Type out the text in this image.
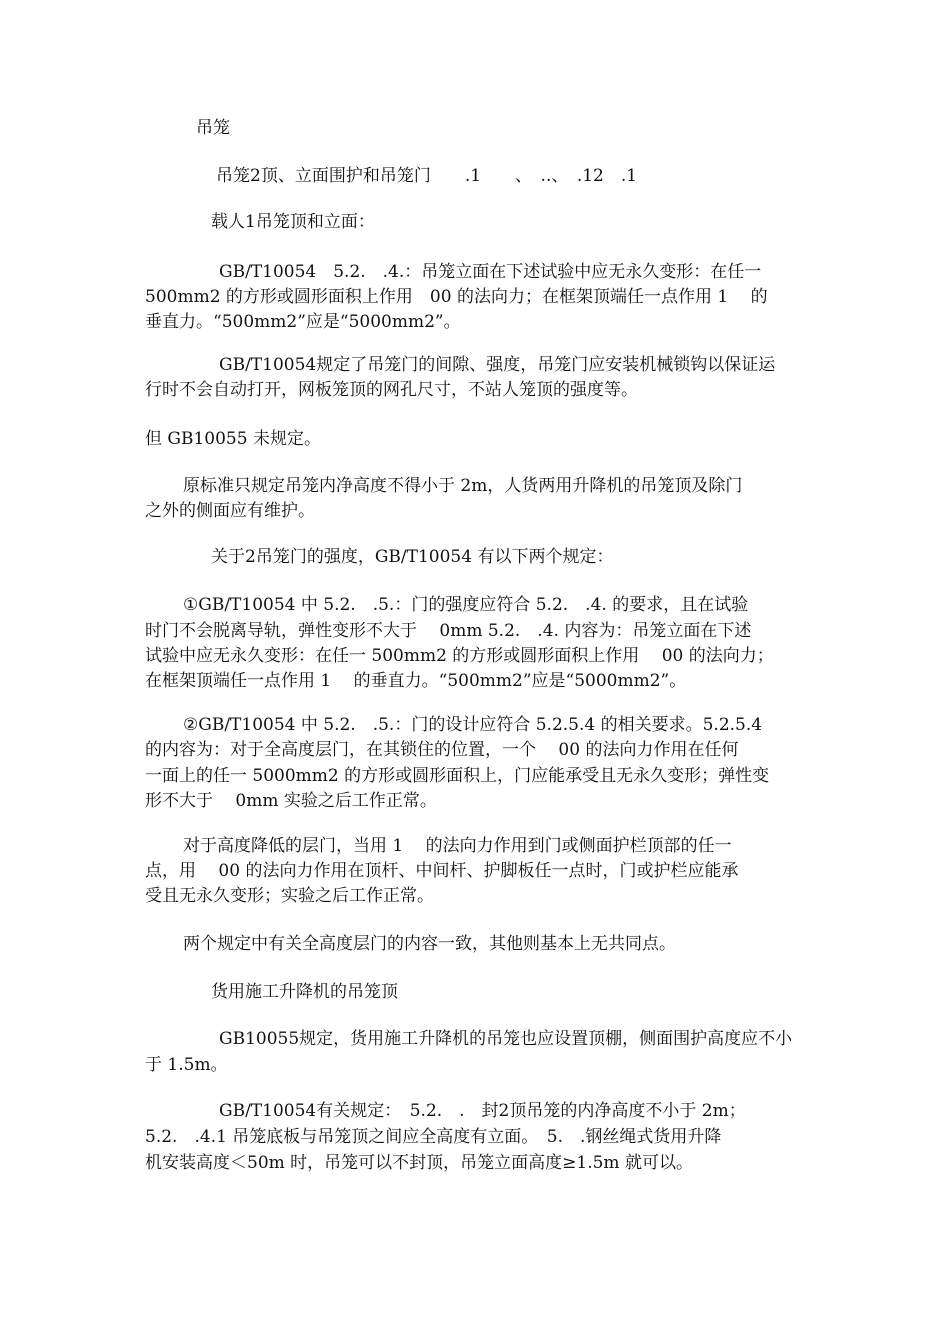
吊笼
吊笼2顶、立面围护和吊笼门　　.1　　、　..、　.12　.1
载人1吊笼顶和立面：
GB/T10054　5.2.　.4.：吊笼立面在下述试验中应无永久变形：在任一
500mm2 的方形或圆形面积上作用　00 的法向力；在框架顶端任一点作用 1　 的
垂直力。“500mm2”应是“5000mm2”。
GB/T10054规定了吊笼门的间隙、强度，吊笼门应安装机械锁钩以保证运
行时不会自动打开，网板笼顶的网孔尺寸，不站人笼顶的强度等。
但 GB10055 未规定。
原标准只规定吊笼内净高度不得小于 2m，人货两用升降机的吊笼顶及除门
之外的侧面应有维护。
关于2吊笼门的强度，GB/T10054 有以下两个规定：
①GB/T10054 中 5.2.　.5.：门的强度应符合 5.2.　.4. 的要求，且在试验
时门不会脱离导轨，弹性变形不大于　 0mm 5.2.　.4. 内容为：吊笼立面在下述
试验中应无永久变形：在任一 500mm2 的方形或圆形面积上作用　 00 的法向力；
在框架顶端任一点作用 1　 的垂直力。“500mm2”应是“5000mm2”。
②GB/T10054 中 5.2.　.5.：门的设计应符合 5.2.5.4 的相关要求。5.2.5.4
的内容为：对于全高度层门，在其锁住的位置，一个　 00 的法向力作用在任何
一面上的任一 5000mm2 的方形或圆形面积上，门应能承受且无永久变形；弹性变
形不大于　 0mm 实验之后工作正常。
对于高度降低的层门，当用 1　 的法向力作用到门或侧面护栏顶部的任一
点，用　 00 的法向力作用在顶杆、中间杆、护脚板任一点时，门或护栏应能承
受且无永久变形；实验之后工作正常。
两个规定中有关全高度层门的内容一致，其他则基本上无共同点。
货用施工升降机的吊笼顶
GB10055规定，货用施工升降机的吊笼也应设置顶棚，侧面围护高度应不小
于 1.5m。
GB/T10054有关规定：　5.2.　.　封2顶吊笼的内净高度不小于 2m；
5.2.　.4.1 吊笼底板与吊笼顶之间应全高度有立面。　5.　.钢丝绳式货用升降
机安装高度＜50m 时，吊笼可以不封顶，吊笼立面高度≥1.5m 就可以。
